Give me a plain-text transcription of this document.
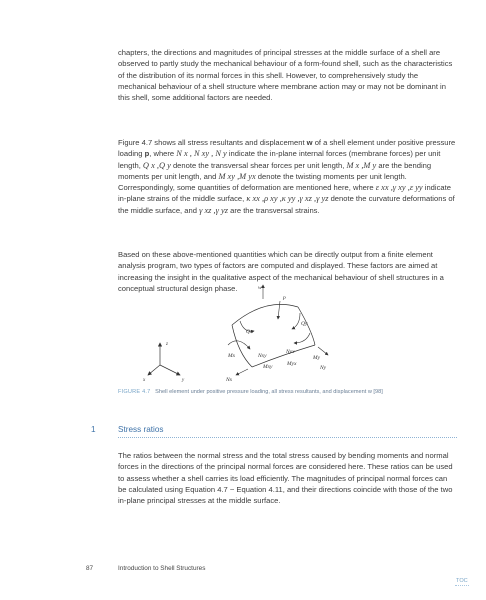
chapters, the directions and magnitudes of principal stresses at the middle surface of a shell are observed to partly study the mechanical behaviour of a form-found shell, such as the characteristics of the distribution of its normal forces in this shell. However, to comprehensively study the mechanical behaviour of a shell structure where membrane action may or may not be dominant in this shell, some additional factors are needed.

Figure 4.7 shows all stress resultants and displacement w of a shell element under positive pressure loading p, where N x , N xy , N y indicate the in-plane internal forces (membrane forces) per unit length, Q x ,Q y denote the transversal shear forces per unit length, M x ,M y are the bending moments per unit length, and M xy ,M yx denote the twisting moments per unit length. Correspondingly, some quantities of deformation are mentioned here, where ε xx ,γ xy ,ε yy indicate in-plane strains of the middle surface, κ xx ,ρ xy ,κ yy ,γ xz ,γ yz denote the curvature deformations of the middle surface, and γ xz ,γ yz are the transversal strains.

Based on these above-mentioned quantities which can be directly output from a finite element analysis program, two types of factors are computed and displayed. These factors are aimed at increasing the insight in the qualitative aspect of the mechanical behaviour of shell structures in a conceptual structural design phase.

z
x	y
w
p
Qx
Qy
Mx	My
Nxy
Nyx
Mxy	Myx
Nx
Ny
FIGURE 4.7 Shell element under positive pressure loading, all stress resultants, and displacement w [98]
1	Stress ratios

The ratios between the normal stress and the total stress caused by bending moments and normal forces in the directions of the principal normal forces are considered here. These ratios can be used to assess whether a shell carries its load efficiently. The magnitudes of principal normal forces can be calculated using Equation 4.7 ~ Equation 4.11, and their directions coincide with those of the two in-plane principal stresses at the middle surface.

87	Introduction to Shell Structures
TOC
